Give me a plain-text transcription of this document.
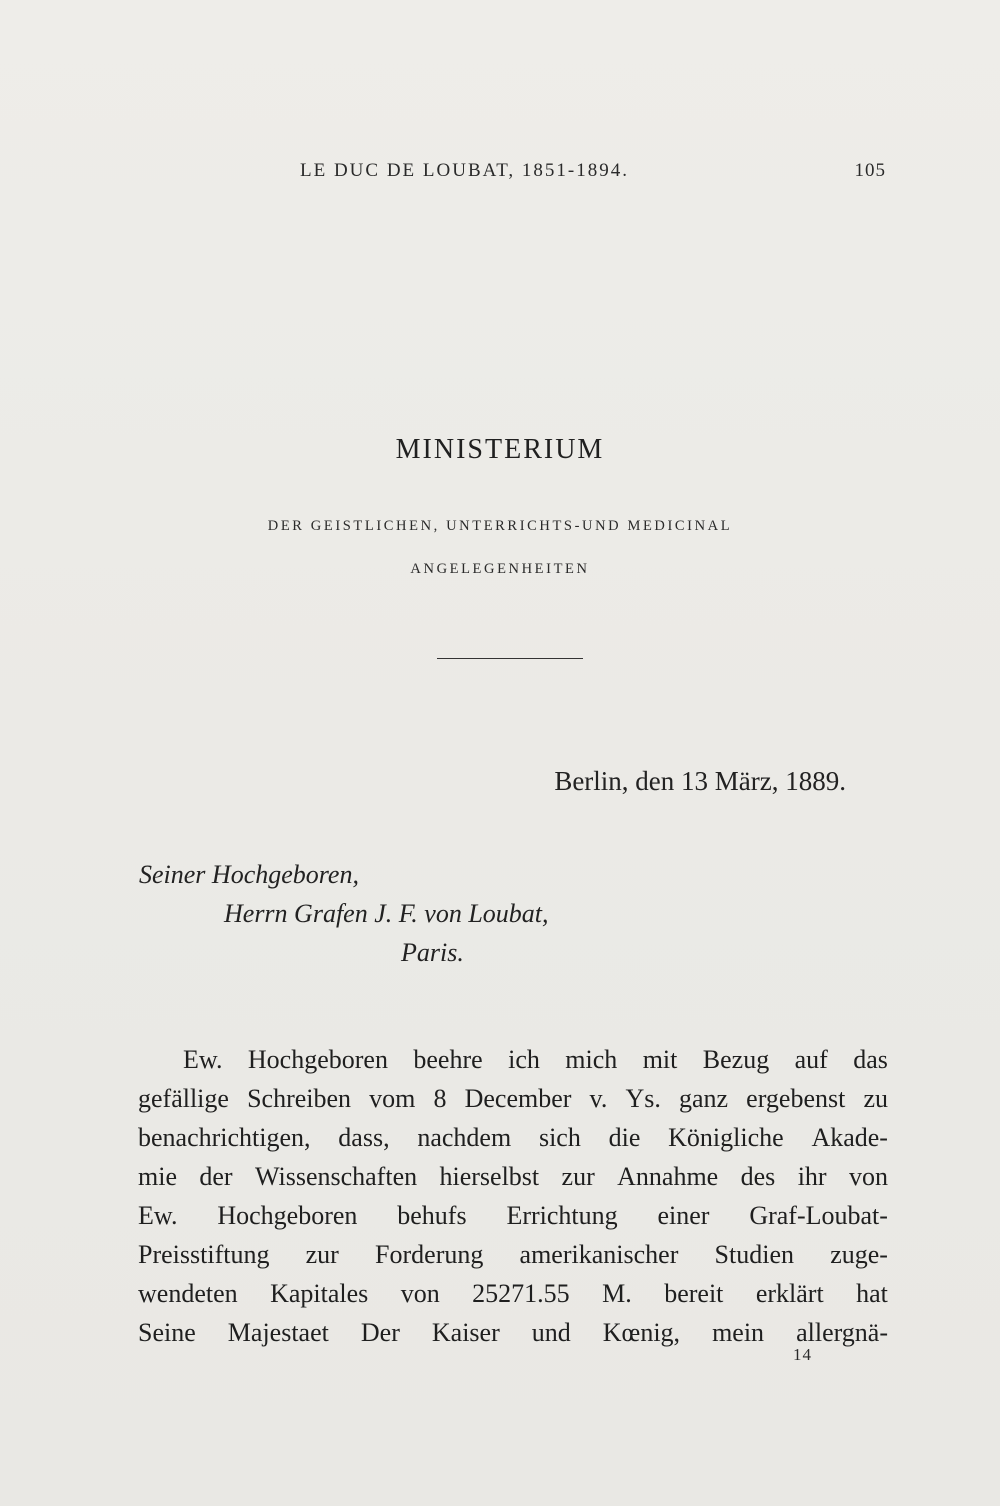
LE DUC DE LOUBAT, 1851-1894.	105
MINISTERIUM
DER GEISTLICHEN, UNTERRICHTS-UND MEDICINAL
ANGELEGENHEITEN
Berlin, den 13 März, 1889.
Seiner Hochgeboren,
Herrn Grafen J. F. von Loubat,
Paris.
Ew. Hochgeboren beehre ich mich mit Bezug auf das
gefällige Schreiben vom 8 December v. Ys. ganz ergebenst zu
benachrichtigen, dass, nachdem sich die Königliche Akade-
mie der Wissenschaften hierselbst zur Annahme des ihr von
Ew. Hochgeboren behufs Errichtung einer Graf-Loubat-
Preisstiftung zur Forderung amerikanischer Studien zuge-
wendeten Kapitales von 25271.55 M. bereit erklärt hat
Seine Majestaet Der Kaiser und Kœnig, mein allergnä-
14
